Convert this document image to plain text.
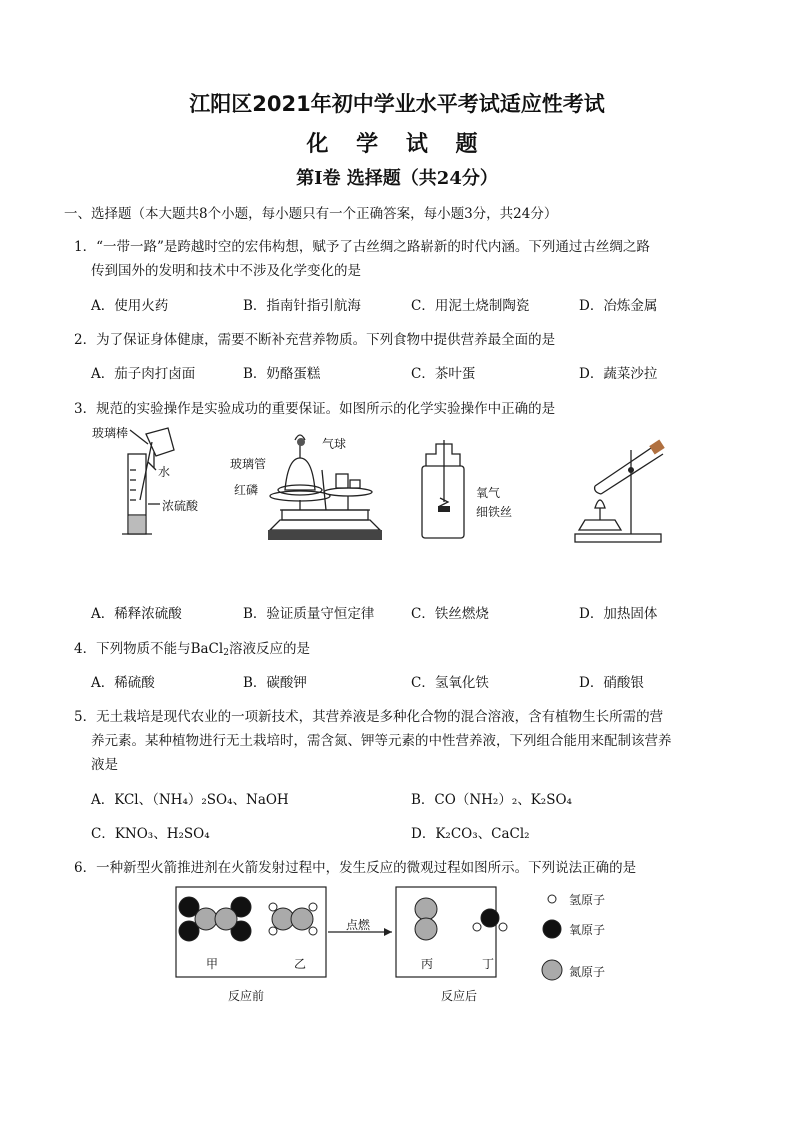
江阳区2021年初中学业水平考试适应性考试
化 学 试 题
第Ⅰ卷 选择题（共24分）
一、选择题（本大题共8个小题，每小题只有一个正确答案，每小题3分，共24分）
1．“一带一路”是跨越时空的宏伟构想，赋予了古丝绸之路崭新的时代内涵。下列通过古丝绸之路
传到国外的发明和技术中不涉及化学变化的是
A．使用火药	B．指南针指引航海	C．用泥土烧制陶瓷	D．冶炼金属
2．为了保证身体健康，需要不断补充营养物质。下列食物中提供营养最全面的是
A．茄子肉打卤面	B．奶酪蛋糕	C．茶叶蛋	D．蔬菜沙拉
3．规范的实验操作是实验成功的重要保证。如图所示的化学实验操作中正确的是
玻璃棒
水
浓硫酸
气球
玻璃管
红磷	氧气
细铁丝
A．稀释浓硫酸	B．验证质量守恒定律	C．铁丝燃烧	D．加热固体
4．下列物质不能与BaCl$_2$溶液反应的是
A．稀硫酸	B．碳酸钾	C．氢氧化铁	D．硝酸银
5．无土栽培是现代农业的一项新技术，其营养液是多种化合物的混合溶液，含有植物生长所需的营
养元素。某种植物进行无土栽培时，需含氮、钾等元素的中性营养液，下列组合能用来配制该营养
液是
A．KCl、（NH₄）₂SO₄、NaOH	B．CO（NH₂）₂、K₂SO₄
C．KNO₃、H₂SO₄	D．K₂CO₃、CaCl₂
6．一种新型火箭推进剂在火箭发射过程中，发生反应的微观过程如图所示。下列说法正确的是
甲	乙	丙	丁
点燃
反应前	反应后
氢原子
氧原子
氮原子
